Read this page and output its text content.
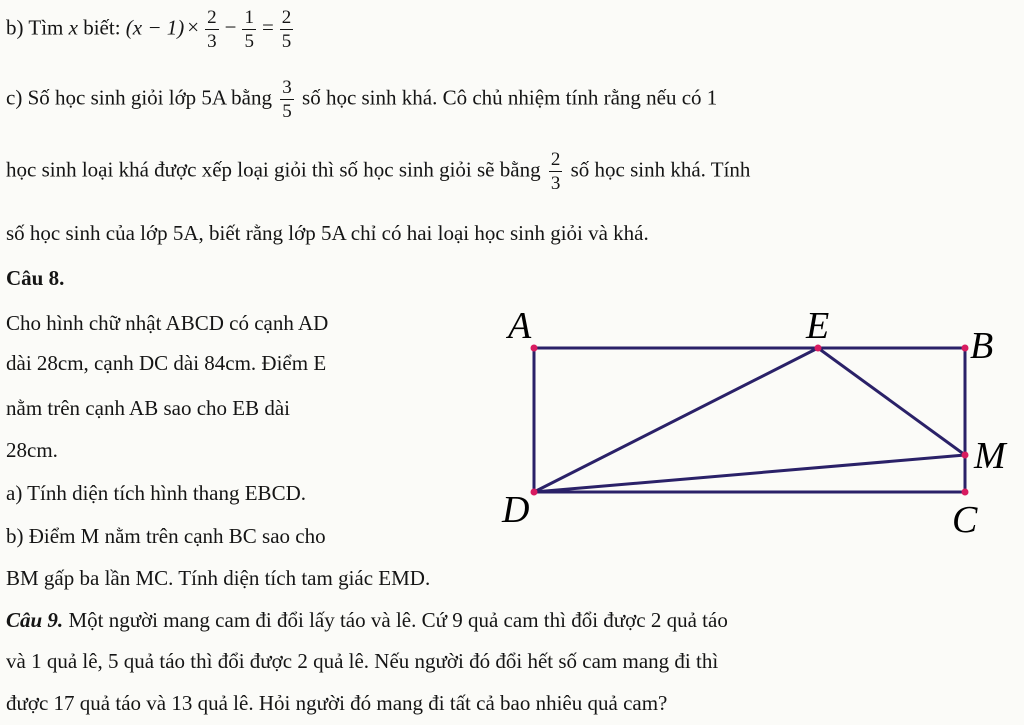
b) Tìm x biết: $(x - 1) \times \frac{2}{3} - \frac{1}{5} = \frac{2}{5}$
c) Số học sinh giỏi lớp 5A bằng $\frac{3}{5}$ số học sinh khá. Cô chủ nhiệm tính rằng nếu có 1
học sinh loại khá được xếp loại giỏi thì số học sinh giỏi sẽ bằng $\frac{2}{3}$ số học sinh khá. Tính
số học sinh của lớp 5A, biết rằng lớp 5A chỉ có hai loại học sinh giỏi và khá.
Câu 8.
Cho hình chữ nhật ABCD có cạnh AD
dài 28cm, cạnh DC dài 84cm. Điểm E
nằm trên cạnh AB sao cho EB dài
28cm.
a) Tính diện tích hình thang EBCD.
b) Điểm M nằm trên cạnh BC sao cho
BM gấp ba lần MC. Tính diện tích tam giác EMD.
A	E	B
M
D	C
Câu 9. Một người mang cam đi đổi lấy táo và lê. Cứ 9 quả cam thì đổi được 2 quả táo
và 1 quả lê, 5 quả táo thì đổi được 2 quả lê. Nếu người đó đổi hết số cam mang đi thì
được 17 quả táo và 13 quả lê. Hỏi người đó mang đi tất cả bao nhiêu quả cam?
